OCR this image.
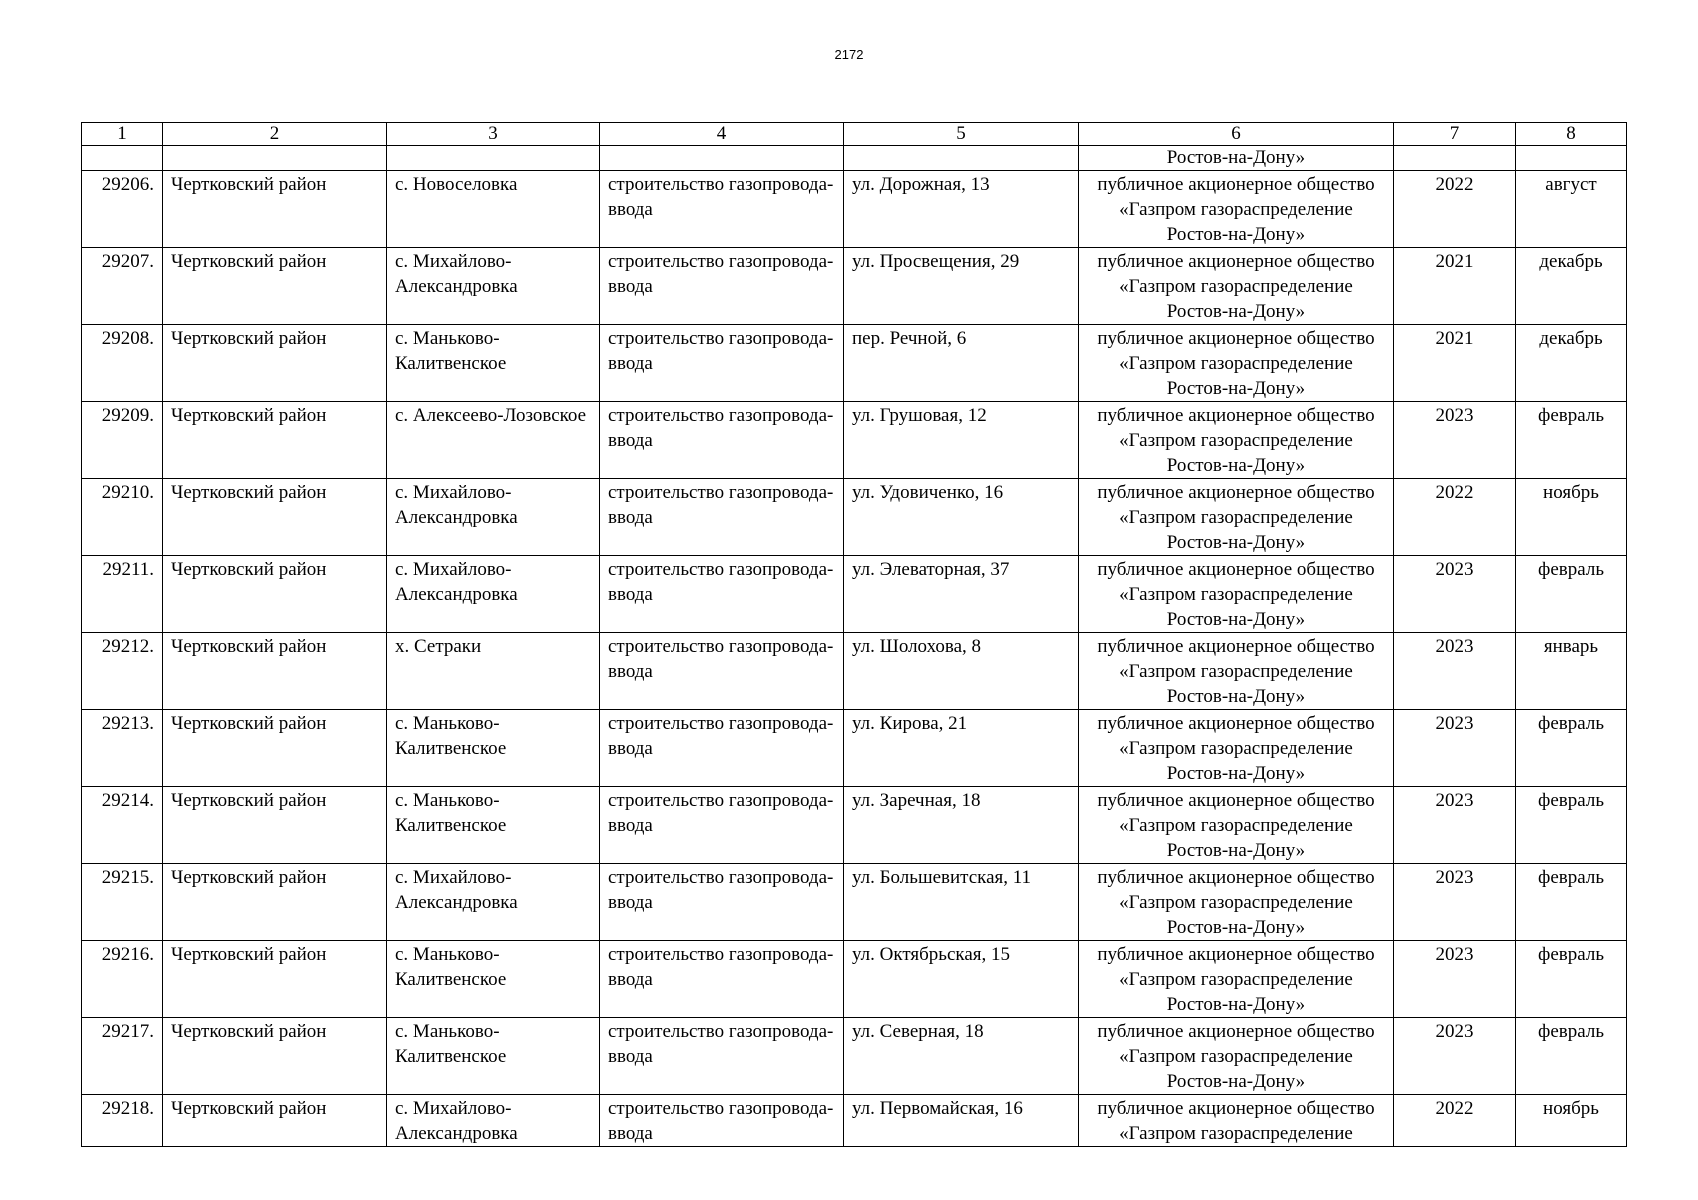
2172
1	2	3	4	5	6	7	8
					Ростов-на-Дону»		
29206.	Чертковский район	с. Новоселовка	строительство газопровода-ввода	ул. Дорожная, 13	публичное акционерное общество «Газпром газораспределение Ростов-на-Дону»	2022	август
29207.	Чертковский район	с. Михайлово-Александровка	строительство газопровода-ввода	ул. Просвещения, 29	публичное акционерное общество «Газпром газораспределение Ростов-на-Дону»	2021	декабрь
29208.	Чертковский район	с. Маньково-Калитвенское	строительство газопровода-ввода	пер. Речной, 6	публичное акционерное общество «Газпром газораспределение Ростов-на-Дону»	2021	декабрь
29209.	Чертковский район	с. Алексеево-Лозовское	строительство газопровода-ввода	ул. Грушовая, 12	публичное акционерное общество «Газпром газораспределение Ростов-на-Дону»	2023	февраль
29210.	Чертковский район	с. Михайлово-Александровка	строительство газопровода-ввода	ул. Удовиченко, 16	публичное акционерное общество «Газпром газораспределение Ростов-на-Дону»	2022	ноябрь
29211.	Чертковский район	с. Михайлово-Александровка	строительство газопровода-ввода	ул. Элеваторная, 37	публичное акционерное общество «Газпром газораспределение Ростов-на-Дону»	2023	февраль
29212.	Чертковский район	х. Сетраки	строительство газопровода-ввода	ул. Шолохова, 8	публичное акционерное общество «Газпром газораспределение Ростов-на-Дону»	2023	январь
29213.	Чертковский район	с. Маньково-Калитвенское	строительство газопровода-ввода	ул. Кирова, 21	публичное акционерное общество «Газпром газораспределение Ростов-на-Дону»	2023	февраль
29214.	Чертковский район	с. Маньково-Калитвенское	строительство газопровода-ввода	ул. Заречная, 18	публичное акционерное общество «Газпром газораспределение Ростов-на-Дону»	2023	февраль
29215.	Чертковский район	с. Михайлово-Александровка	строительство газопровода-ввода	ул. Большевитская, 11	публичное акционерное общество «Газпром газораспределение Ростов-на-Дону»	2023	февраль
29216.	Чертковский район	с. Маньково-Калитвенское	строительство газопровода-ввода	ул. Октябрьская, 15	публичное акционерное общество «Газпром газораспределение Ростов-на-Дону»	2023	февраль
29217.	Чертковский район	с. Маньково-Калитвенское	строительство газопровода-ввода	ул. Северная, 18	публичное акционерное общество «Газпром газораспределение Ростов-на-Дону»	2023	февраль
29218.	Чертковский район	с. Михайлово-Александровка	строительство газопровода-ввода	ул. Первомайская, 16	публичное акционерное общество «Газпром газораспределение	2022	ноябрь
